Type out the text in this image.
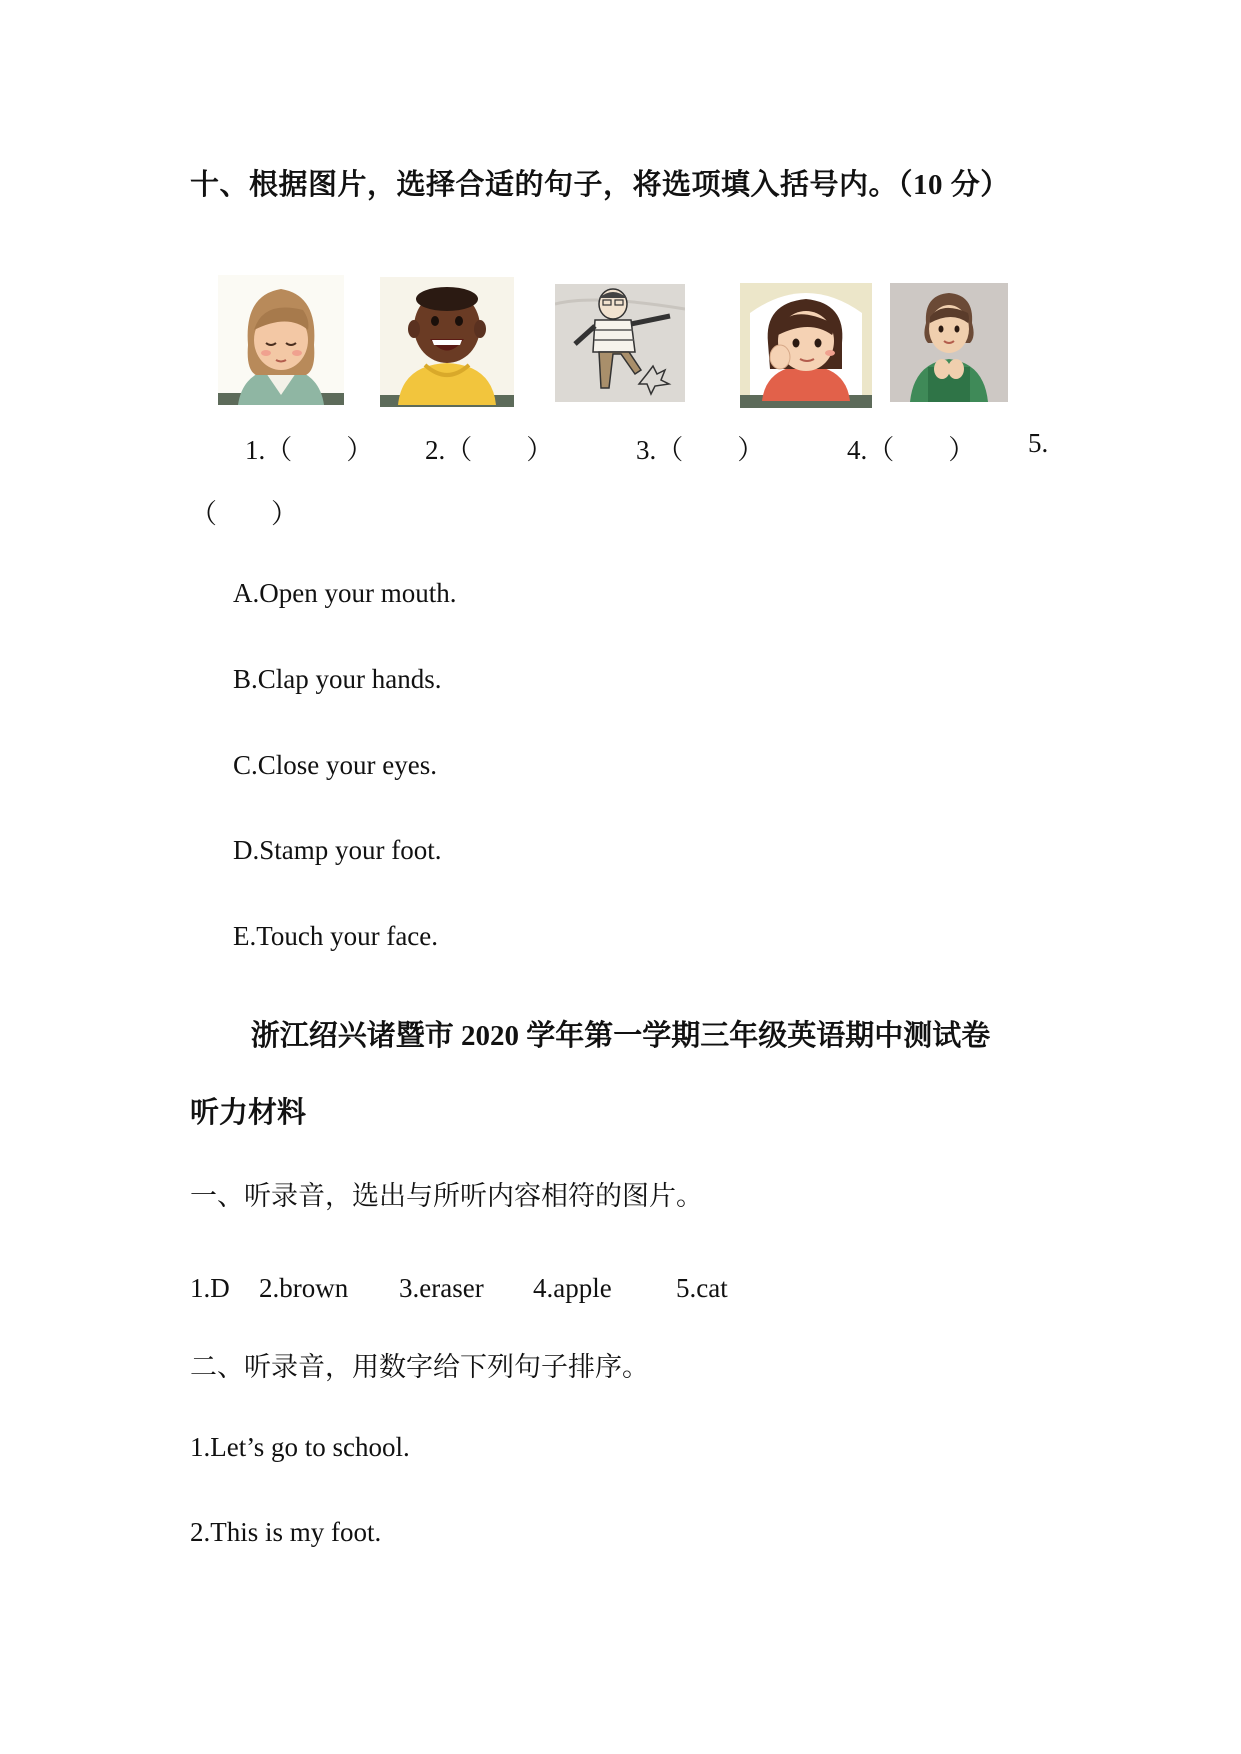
十、根据图片，选择合适的句子，将选项填入括号内。（10 分）
1.（　　） 2.（　　）	3.（　　）	4.（　　） 5.
（　　）
A.Open your mouth.
B.Clap your hands.
C.Close your eyes.
D.Stamp your foot.
E.Touch your face.
浙江绍兴诸暨市 2020 学年第一学期三年级英语期中测试卷
听力材料
一、听录音，选出与所听内容相符的图片。
1.D 2.brown 3.eraser 4.apple 5.cat
二、听录音，用数字给下列句子排序。
1.Let’s go to school.
2.This is my foot.
